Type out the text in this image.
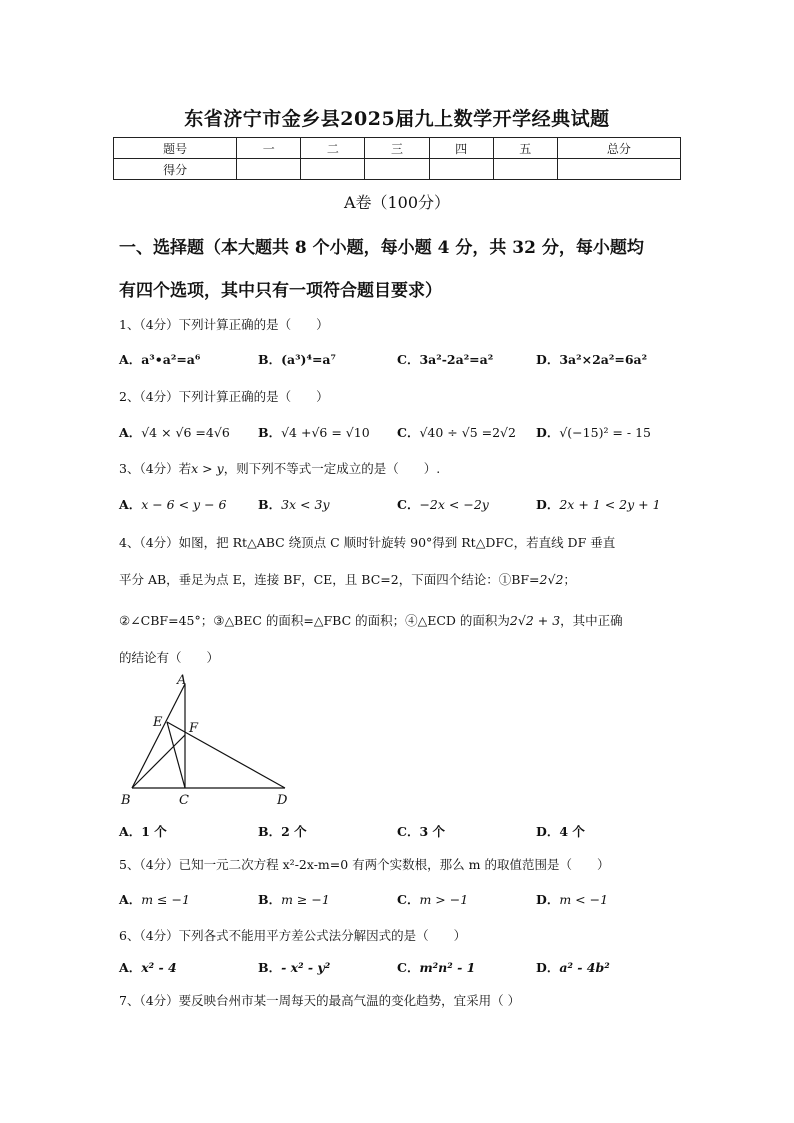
东省济宁市金乡县2025届九上数学开学经典试题
题号	一	二	三	四	五	总分
得分						
A卷（100分）
一、选择题（本大题共 8 个小题，每小题 4 分，共 32 分，每小题均
有四个选项，其中只有一项符合题目要求）
1、（4分）下列计算正确的是（　　）
A．a³•a²=a⁶	B．(a³)⁴=a⁷	C．3a²-2a²=a²	D．3a²×2a²=6a²
2、（4分）下列计算正确的是（　　）
A．√4 × √6 =4√6 B．√4 +√6 = √10 C．√40 ÷ √5 =2√2 D．√(−15)² = - 15
3、（4分）若x > y，则下列不等式一定成立的是（　　）.
A．x − 6 < y − 6	B．3x < 3y	C．−2x < −2y	D．2x + 1 < 2y + 1
4、（4分）如图，把 Rt△ABC 绕顶点 C 顺时针旋转 90°得到 Rt△DFC，若直线 DF 垂直
平分 AB，垂足为点 E，连接 BF，CE，且 BC=2，下面四个结论：①BF=2√2；
②∠CBF=45°；③△BEC 的面积=△FBC 的面积；④△ECD 的面积为2√2 + 3，其中正确
的结论有（　　）
A
E F
B	C	D
A．1 个	B．2 个	C．3 个	D．4 个
5、（4分）已知一元二次方程 x²-2x-m=0 有两个实数根，那么 m 的取值范围是（　　）
A．m ≤ −1	B．m ≥ −1	C．m > −1	D．m < −1
6、（4分）下列各式不能用平方差公式法分解因式的是（　　）
A．x² - 4	B．- x² - y²	C．m²n² - 1	D．a² - 4b²
7、（4分）要反映台州市某一周每天的最高气温的变化趋势，宜采用（ ）
